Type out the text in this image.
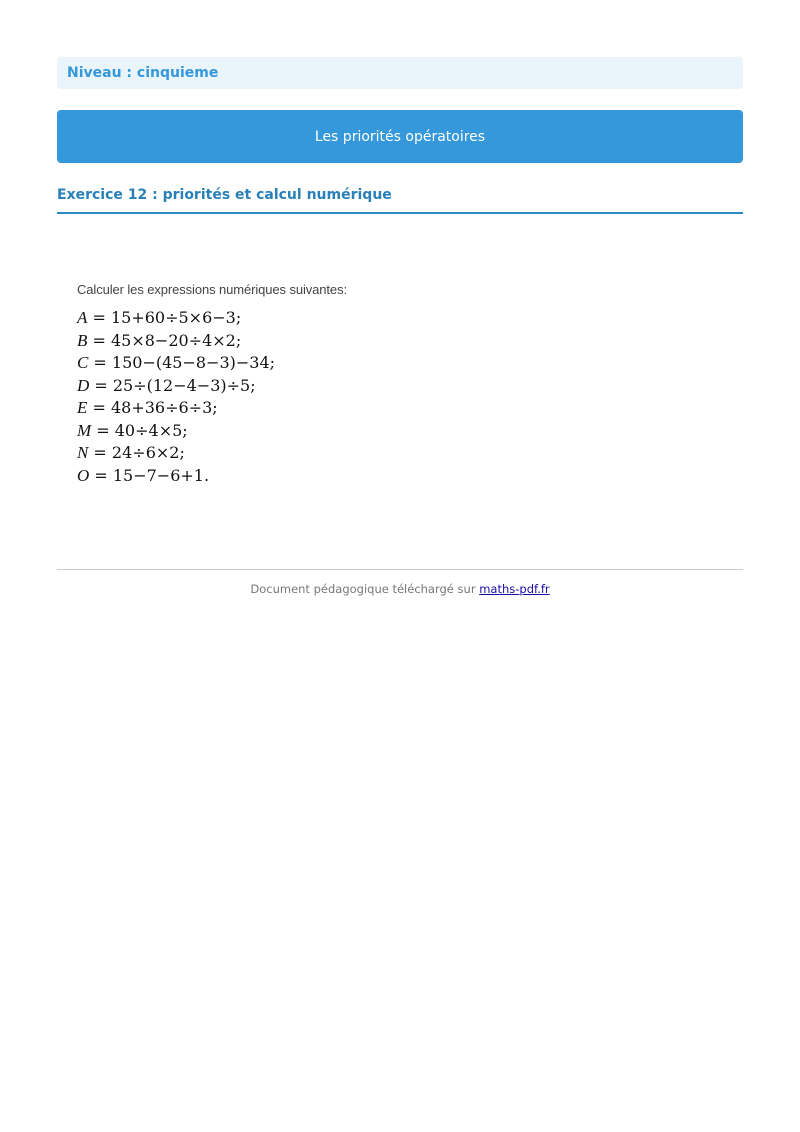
Niveau : cinquieme
Les priorités opératoires
Exercice 12 : priorités et calcul numérique
Calculer les expressions numériques suivantes:
A = 15+60÷5×6−3;
B = 45×8−20÷4×2;
C = 150−(45−8−3)−34;
D = 25÷(12−4−3)÷5;
E = 48+36÷6÷3;
M = 40÷4×5;
N = 24÷6×2;
O = 15−7−6+1.
Document pédagogique téléchargé sur maths-pdf.fr
